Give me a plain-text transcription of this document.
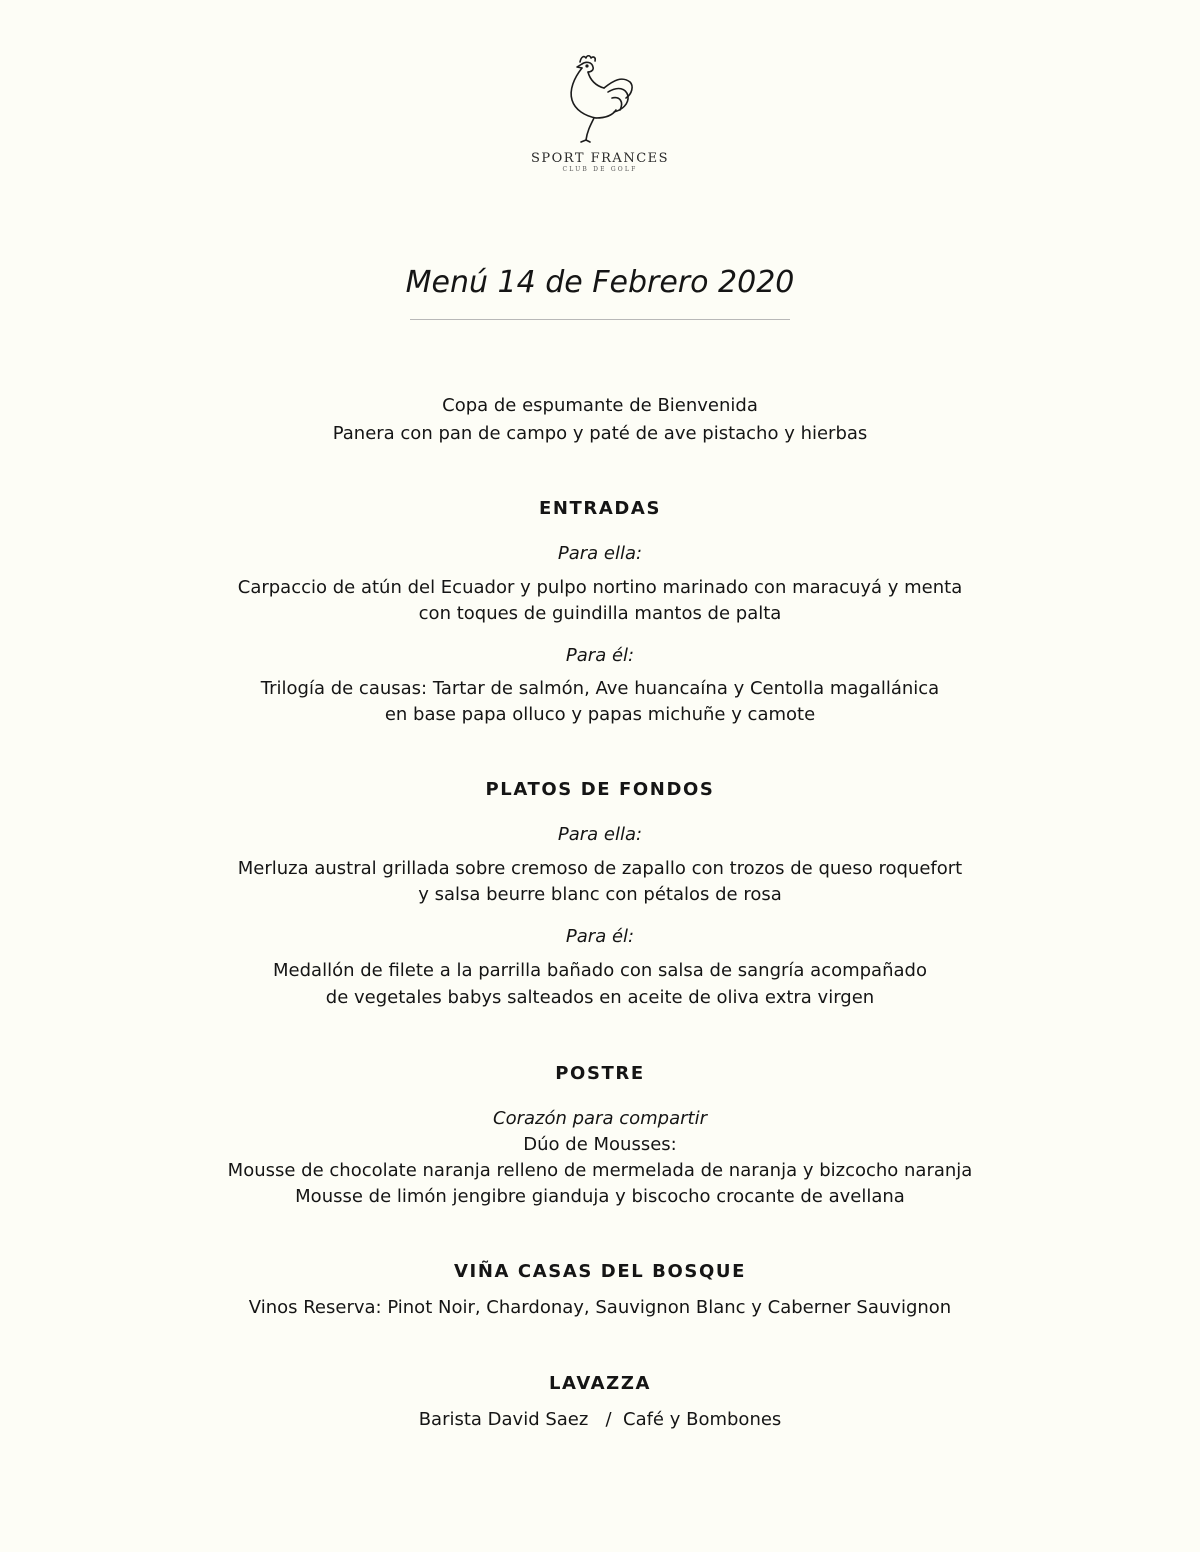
SPORT FRANCES
CLUB DE GOLF
Menú 14 de Febrero 2020
Copa de espumante de Bienvenida
Panera con pan de campo y paté de ave pistacho y hierbas
ENTRADAS
Para ella:
Carpaccio de atún del Ecuador y pulpo nortino marinado con maracuyá y menta
con toques de guindilla mantos de palta
Para él:
Trilogía de causas: Tartar de salmón, Ave huancaína y Centolla magallánica
en base papa olluco y papas michuñe y camote
PLATOS DE FONDOS
Para ella:
Merluza austral grillada sobre cremoso de zapallo con trozos de queso roquefort
y salsa beurre blanc con pétalos de rosa
Para él:
Medallón de filete a la parrilla bañado con salsa de sangría acompañado
de vegetales babys salteados en aceite de oliva extra virgen
POSTRE
Corazón para compartir
Dúo de Mousses:
Mousse de chocolate naranja relleno de mermelada de naranja y bizcocho naranja
Mousse de limón jengibre gianduja y biscocho crocante de avellana
VIÑA CASAS DEL BOSQUE
Vinos Reserva: Pinot Noir, Chardonay, Sauvignon Blanc y Caberner Sauvignon
LAVAZZA
Barista David Saez   /  Café y Bombones
